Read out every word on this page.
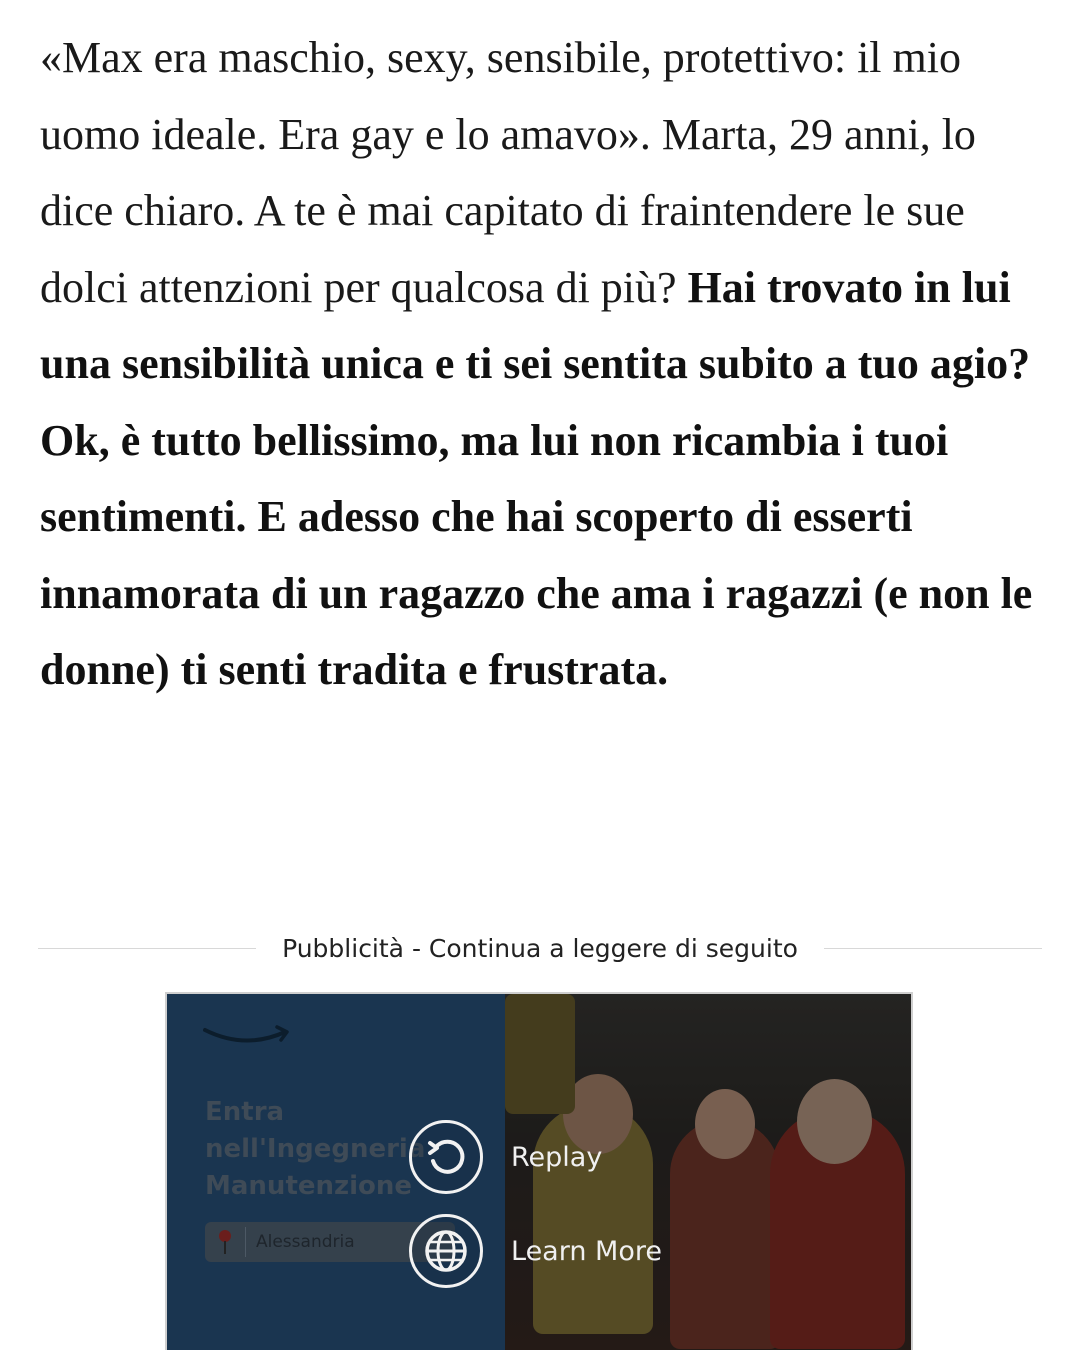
«Max era maschio, sexy, sensibile, protettivo: il mio uomo ideale. Era gay e lo amavo». Marta, 29 anni, lo dice chiaro. A te è mai capitato di fraintendere le sue dolci attenzioni per qualcosa di più? Hai trovato in lui una sensibilità unica e ti sei sentita subito a tuo agio? Ok, è tutto bellissimo, ma lui non ricambia i tuoi sentimenti. E adesso che hai scoperto di esserti innamorata di un ragazzo che ama i ragazzi (e non le donne) ti senti tradita e frustrata.

Pubblicità - Continua a leggere di seguito
Entra
nell'Ingegneria
Manutenzione
Alessandria
Replay
Learn More
